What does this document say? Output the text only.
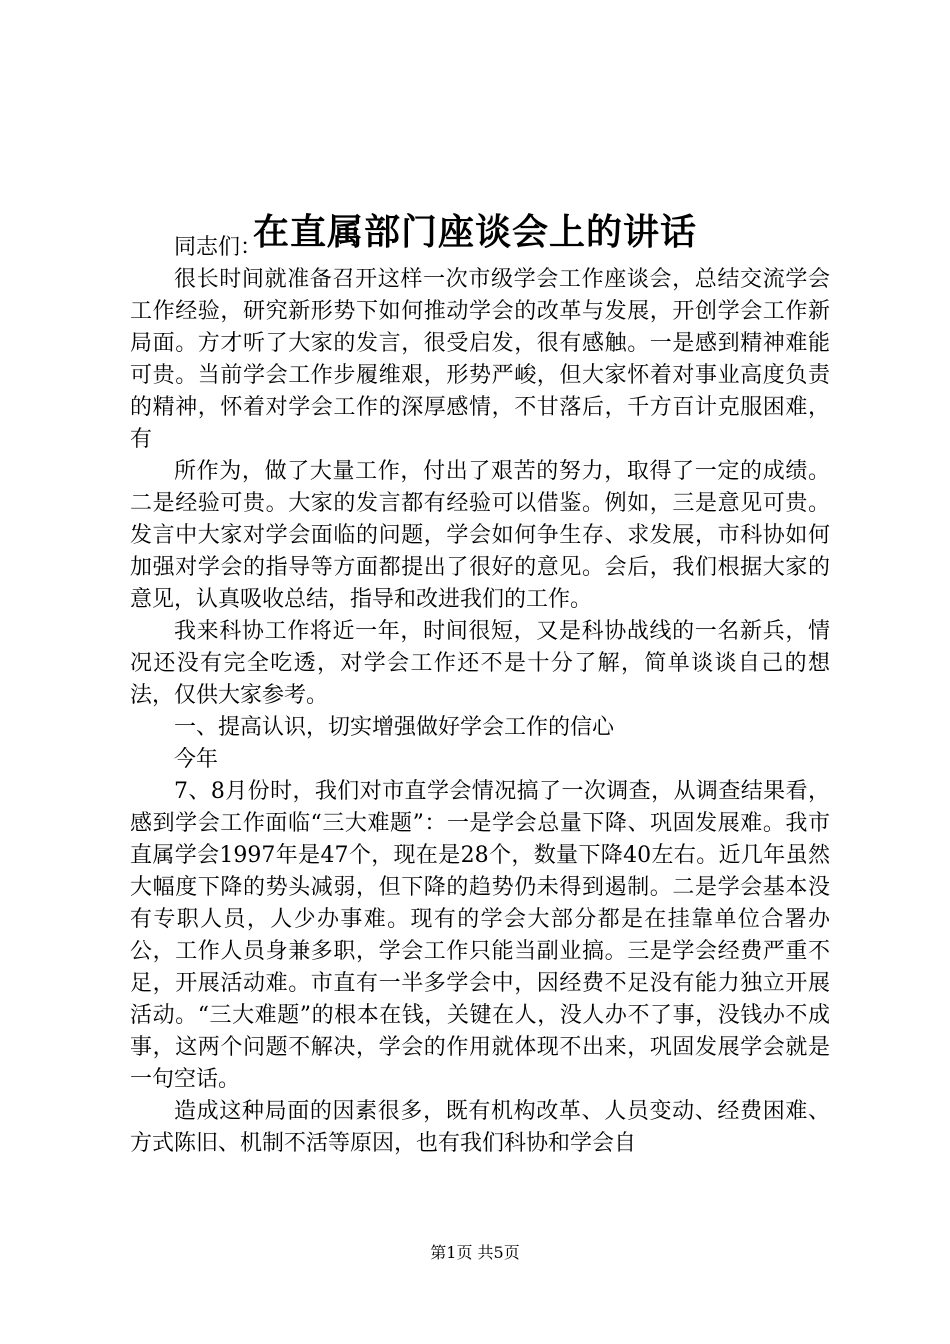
在直属部门座谈会上的讲话

同志们：

很长时间就准备召开这样一次市级学会工作座谈会，总结交流学会工作经验，研究新形势下如何推动学会的改革与发展，开创学会工作新局面。方才听了大家的发言，很受启发，很有感触。一是感到精神难能可贵。当前学会工作步履维艰，形势严峻，但大家怀着对事业高度负责的精神，怀着对学会工作的深厚感情，不甘落后，千方百计克服困难，有

所作为，做了大量工作，付出了艰苦的努力，取得了一定的成绩。二是经验可贵。大家的发言都有经验可以借鉴。例如，三是意见可贵。发言中大家对学会面临的问题，学会如何争生存、求发展，市科协如何加强对学会的指导等方面都提出了很好的意见。会后，我们根据大家的意见，认真吸收总结，指导和改进我们的工作。

我来科协工作将近一年，时间很短，又是科协战线的一名新兵，情况还没有完全吃透，对学会工作还不是十分了解，简单谈谈自己的想法，仅供大家参考。

一、提高认识，切实增强做好学会工作的信心

今年

7、8月份时，我们对市直学会情况搞了一次调查，从调查结果看，感到学会工作面临“三大难题”：一是学会总量下降、巩固发展难。我市直属学会1997年是47个，现在是28个，数量下降40左右。近几年虽然大幅度下降的势头减弱，但下降的趋势仍未得到遏制。二是学会基本没有专职人员，人少办事难。现有的学会大部分都是在挂靠单位合署办公，工作人员身兼多职，学会工作只能当副业搞。三是学会经费严重不足，开展活动难。市直有一半多学会中，因经费不足没有能力独立开展活动。“三大难题”的根本在钱，关键在人，没人办不了事，没钱办不成事，这两个问题不解决，学会的作用就体现不出来，巩固发展学会就是一句空话。

造成这种局面的因素很多，既有机构改革、人员变动、经费困难、方式陈旧、机制不活等原因，也有我们科协和学会自

第1页 共5页
